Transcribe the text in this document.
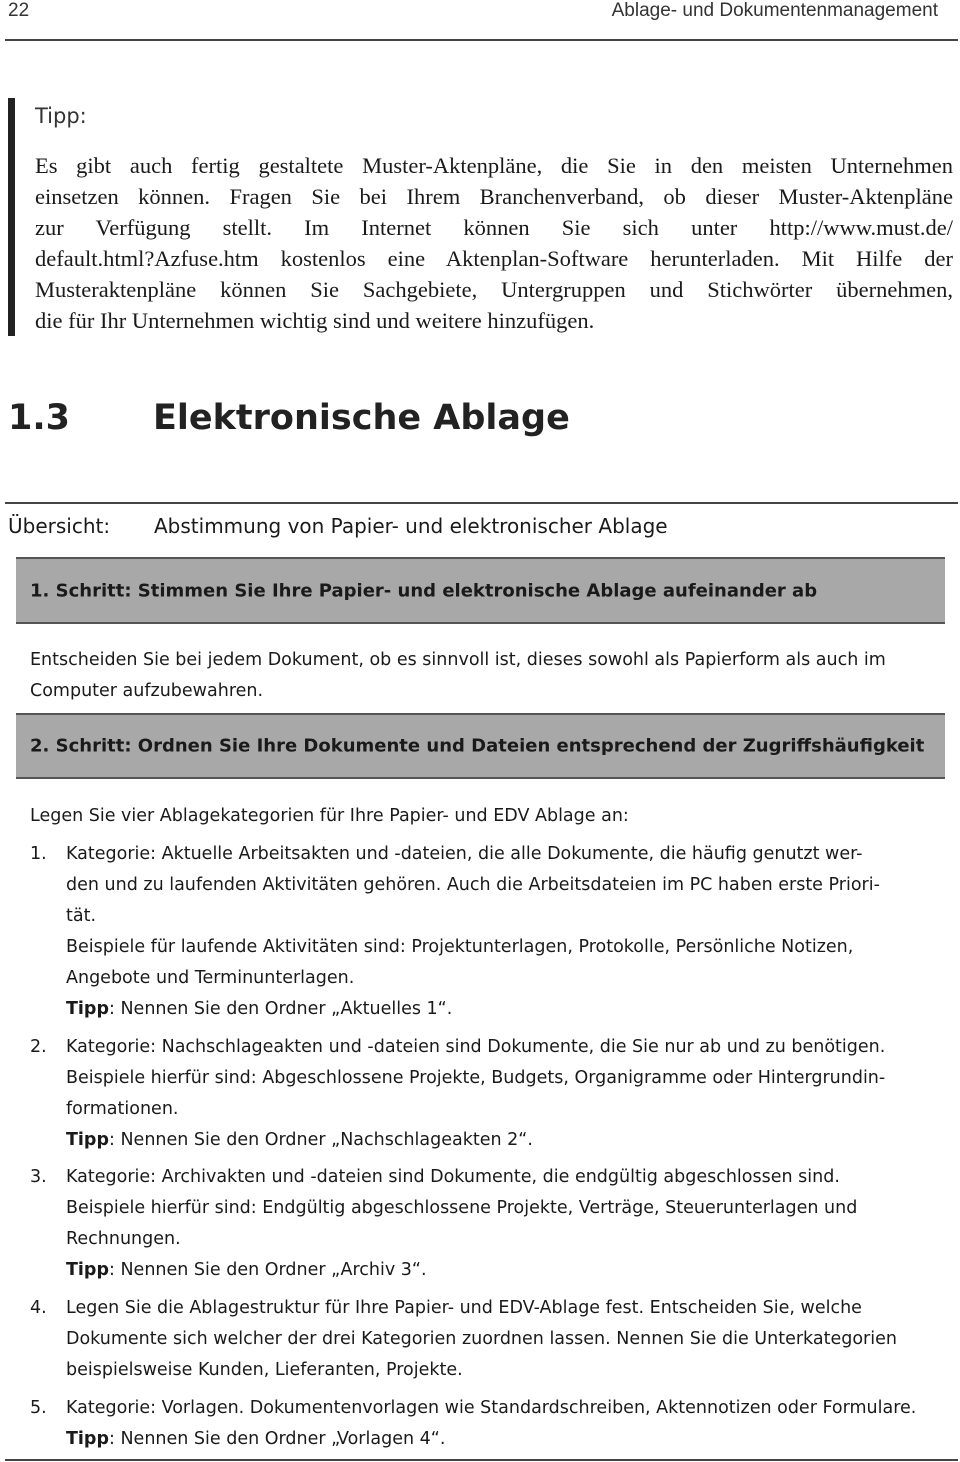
22	Ablage- und Dokumentenmanagement
Tipp:
Es gibt auch fertig gestaltete Muster-Aktenpläne, die Sie in den meisten Unternehmen
einsetzen können. Fragen Sie bei Ihrem Branchenverband, ob dieser Muster-Aktenpläne
zur Verfügung stellt. Im Internet können Sie sich unter http://www.must.de/
default.html?Azfuse.htm kostenlos eine Aktenplan-Software herunterladen. Mit Hilfe der
Musteraktenpläne können Sie Sachgebiete, Untergruppen und Stichwörter übernehmen,
die für Ihr Unternehmen wichtig sind und weitere hinzufügen.
1.3 Elektronische Ablage
Übersicht: Abstimmung von Papier- und elektronischer Ablage
1. Schritt: Stimmen Sie Ihre Papier- und elektronische Ablage aufeinander ab
Entscheiden Sie bei jedem Dokument, ob es sinnvoll ist, dieses sowohl als Papierform als auch im
Computer aufzubewahren.
2. Schritt: Ordnen Sie Ihre Dokumente und Dateien entsprechend der Zugriffshäufigkeit
Legen Sie vier Ablagekategorien für Ihre Papier- und EDV Ablage an:
1. Kategorie: Aktuelle Arbeitsakten und -dateien, die alle Dokumente, die häufig genutzt wer-
den und zu laufenden Aktivitäten gehören. Auch die Arbeitsdateien im PC haben erste Priori-
tät.
Beispiele für laufende Aktivitäten sind: Projektunterlagen, Protokolle, Persönliche Notizen,
Angebote und Terminunterlagen.
Tipp: Nennen Sie den Ordner „Aktuelles 1“.
2. Kategorie: Nachschlageakten und -dateien sind Dokumente, die Sie nur ab und zu benötigen.
Beispiele hierfür sind: Abgeschlossene Projekte, Budgets, Organigramme oder Hintergrundin-
formationen.
Tipp: Nennen Sie den Ordner „Nachschlageakten 2“.
3. Kategorie: Archivakten und -dateien sind Dokumente, die endgültig abgeschlossen sind.
Beispiele hierfür sind: Endgültig abgeschlossene Projekte, Verträge, Steuerunterlagen und
Rechnungen.
Tipp: Nennen Sie den Ordner „Archiv 3“.
4. Legen Sie die Ablagestruktur für Ihre Papier- und EDV-Ablage fest. Entscheiden Sie, welche
Dokumente sich welcher der drei Kategorien zuordnen lassen. Nennen Sie die Unterkategorien
beispielsweise Kunden, Lieferanten, Projekte.
5. Kategorie: Vorlagen. Dokumentenvorlagen wie Standardschreiben, Aktennotizen oder Formulare.
Tipp: Nennen Sie den Ordner „Vorlagen 4“.
